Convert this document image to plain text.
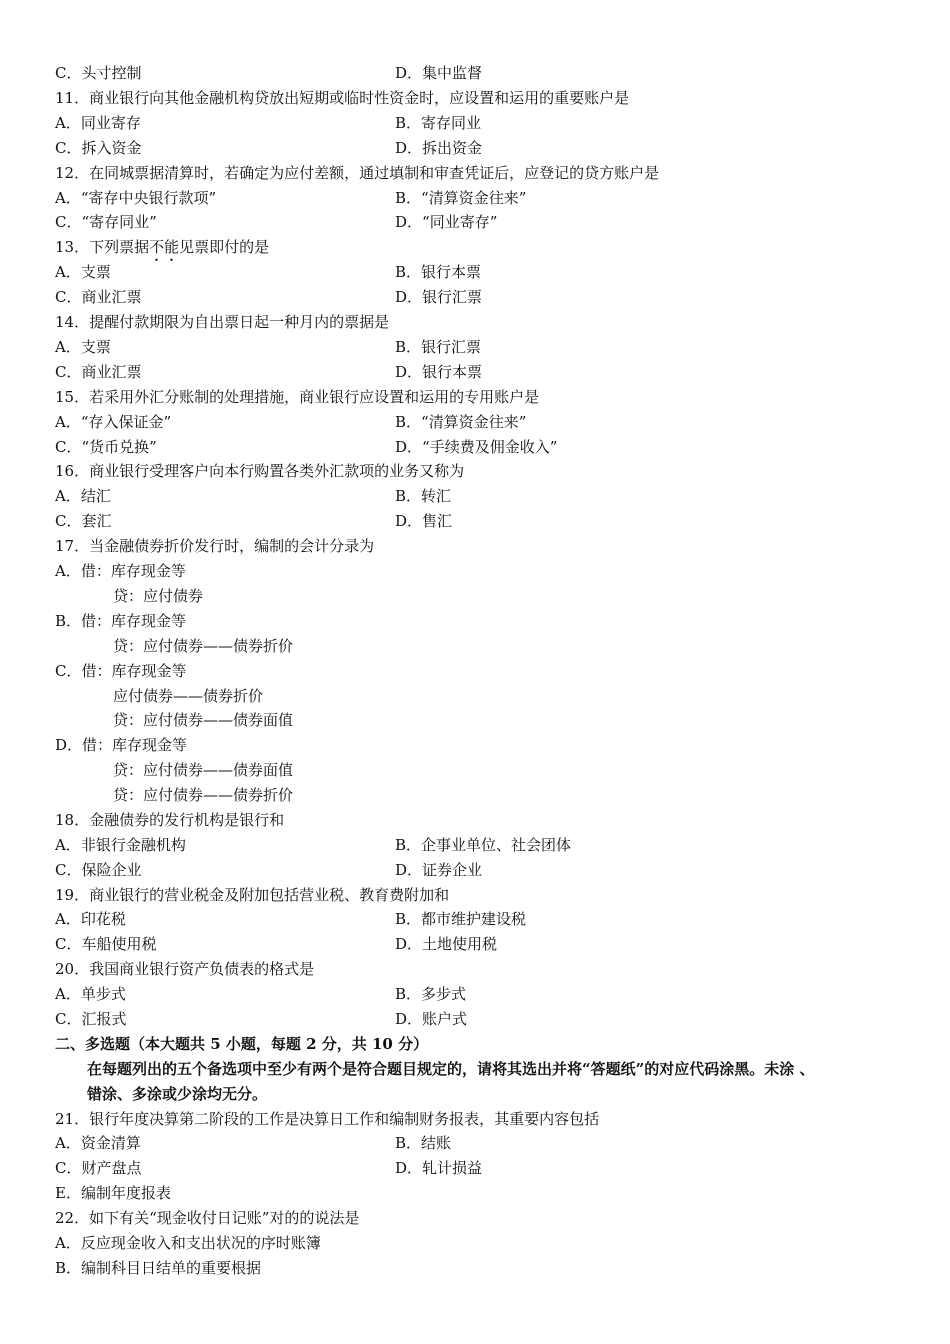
C．头寸控制	D．集中监督
11．商业银行向其他金融机构贷放出短期或临时性资金时，应设置和运用的重要账户是
A．同业寄存	B．寄存同业
C．拆入资金	D．拆出资金
12．在同城票据清算时，若确定为应付差额，通过填制和审查凭证后，应登记的贷方账户是
A．“寄存中央银行款项”	B．“清算资金往来”
C．“寄存同业”	D．“同业寄存”
13．下列票据不能见票即付的是
A．支票	B．银行本票
C．商业汇票	D．银行汇票
14．提醒付款期限为自出票日起一种月内的票据是
A．支票	B．银行汇票
C．商业汇票	D．银行本票
15．若采用外汇分账制的处理措施，商业银行应设置和运用的专用账户是
A．“存入保证金”	B．“清算资金往来”
C．“货币兑换”	D．“手续费及佣金收入”
16．商业银行受理客户向本行购置各类外汇款项的业务又称为
A．结汇	B．转汇
C．套汇	D．售汇
17．当金融债券折价发行时，编制的会计分录为
A．借：库存现金等
贷：应付债券
B．借：库存现金等
贷：应付债券——债券折价
C．借：库存现金等
应付债券——债券折价
贷：应付债券——债券面值
D．借：库存现金等
贷：应付债券——债券面值
贷：应付债券——债券折价
18．金融债券的发行机构是银行和
A．非银行金融机构	B．企事业单位、社会团体
C．保险企业	D．证券企业
19．商业银行的营业税金及附加包括营业税、教育费附加和
A．印花税	B．都市维护建设税
C．车船使用税	D．土地使用税
20．我国商业银行资产负债表的格式是
A．单步式	B．多步式
C．汇报式	D．账户式
二、多选题（本大题共 5 小题，每题 2 分，共 10 分）
在每题列出的五个备选项中至少有两个是符合题目规定的，请将其选出并将“答题纸”的对应代码涂黑。未涂 、
错涂、多涂或少涂均无分。
21．银行年度决算第二阶段的工作是决算日工作和编制财务报表，其重要内容包括
A．资金清算	B．结账
C．财产盘点	D．轧计损益
E．编制年度报表
22．如下有关“现金收付日记账”对的的说法是
A．反应现金收入和支出状况的序时账簿
B．编制科目日结单的重要根据
